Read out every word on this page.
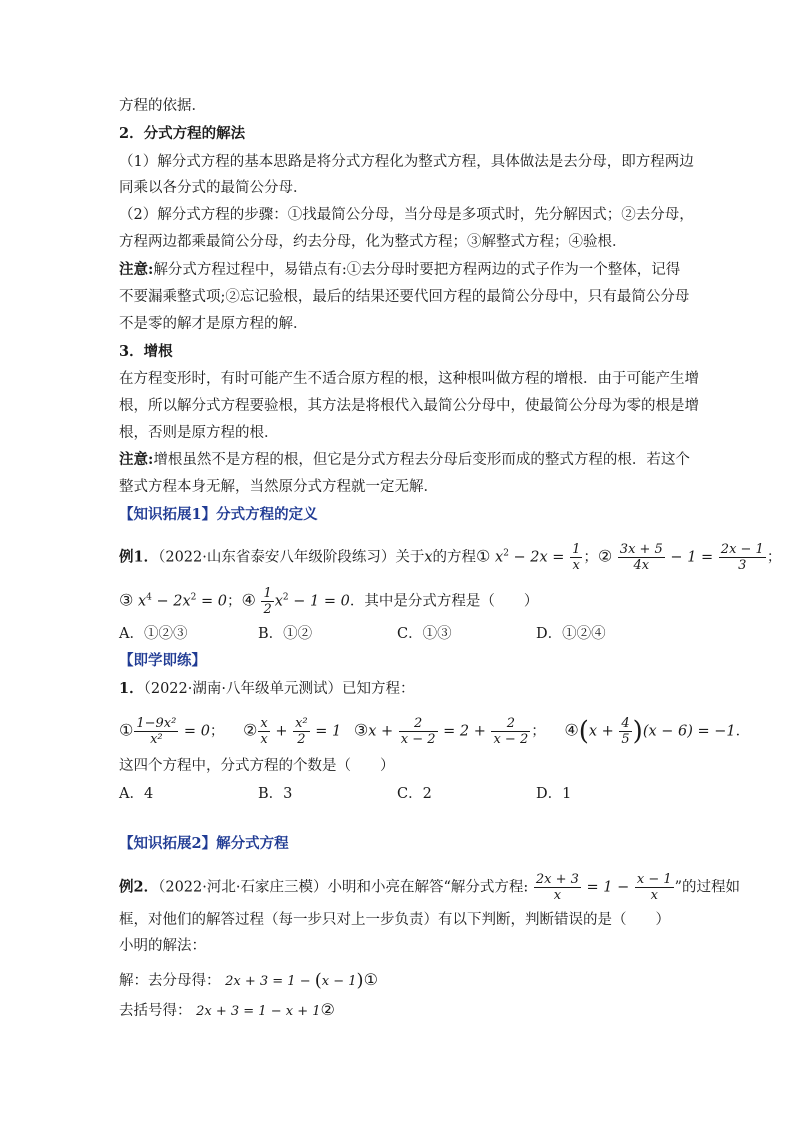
方程的依据．
2．分式方程的解法
（1）解分式方程的基本思路是将分式方程化为整式方程，具体做法是去分母，即方程两边
同乘以各分式的最简公分母．
（2）解分式方程的步骤：①找最简公分母，当分母是多项式时，先分解因式；②去分母，
方程两边都乘最简公分母，约去分母，化为整式方程；③解整式方程；④验根．
注意:解分式方程过程中，易错点有:①去分母时要把方程两边的式子作为一个整体，记得
不要漏乘整式项;②忘记验根，最后的结果还要代回方程的最简公分母中，只有最简公分母
不是零的解才是原方程的解．
3．增根
在方程变形时，有时可能产生不适合原方程的根，这种根叫做方程的增根．由于可能产生增
根，所以解分式方程要验根，其方法是将根代入最简公分母中，使最简公分母为零的根是增
根，否则是原方程的根．
注意:增根虽然不是方程的根，但它是分式方程去分母后变形而成的整式方程的根．若这个
整式方程本身无解，当然原分式方程就一定无解．
【知识拓展1】分式方程的定义
例1．（2022·山东省泰安八年级阶段练习）关于x的方程① $x^2 - 2x = \frac{1}{x}$ ；② $\frac{3x + 5}{4x} - 1 = \frac{2x - 1}{3}$ ；
③ $x^4 - 2x^2 = 0$；④ $\frac{1}{2} x^2 - 1 = 0$．其中是分式方程是（　　）
A．①②③	B．①②	C．①③	D．①②④
【即学即练】
1．（2022·湖南·八年级单元测试）已知方程：
① $\frac{\text{1−9x²}}{\text{x²}} = 0$； ② $\frac{x}{x} + \frac{\text{x²}}{2} = 1$ ③x + $\frac{2}{x - 2} = 2 + \frac{2}{x - 2}$ ； ④(x + $\frac{4}{5} )(x - 6) = -1$．
这四个方程中，分式方程的个数是（　　）
A．4	B．3	C．2	D．1
【知识拓展2】解分式方程
例2．（2022·河北·石家庄三模）小明和小亮在解答“解分式方程: $\frac{2x + 3}{x} = 1 - \frac{x - 1}{x}$ ”的过程如
框，对他们的解答过程（每一步只对上一步负责）有以下判断，判断错误的是（　　）
小明的解法：
解：去分母得： 2x + 3 = 1 − (x − 1)①
去括号得： 2x + 3 = 1 − x + 1②
